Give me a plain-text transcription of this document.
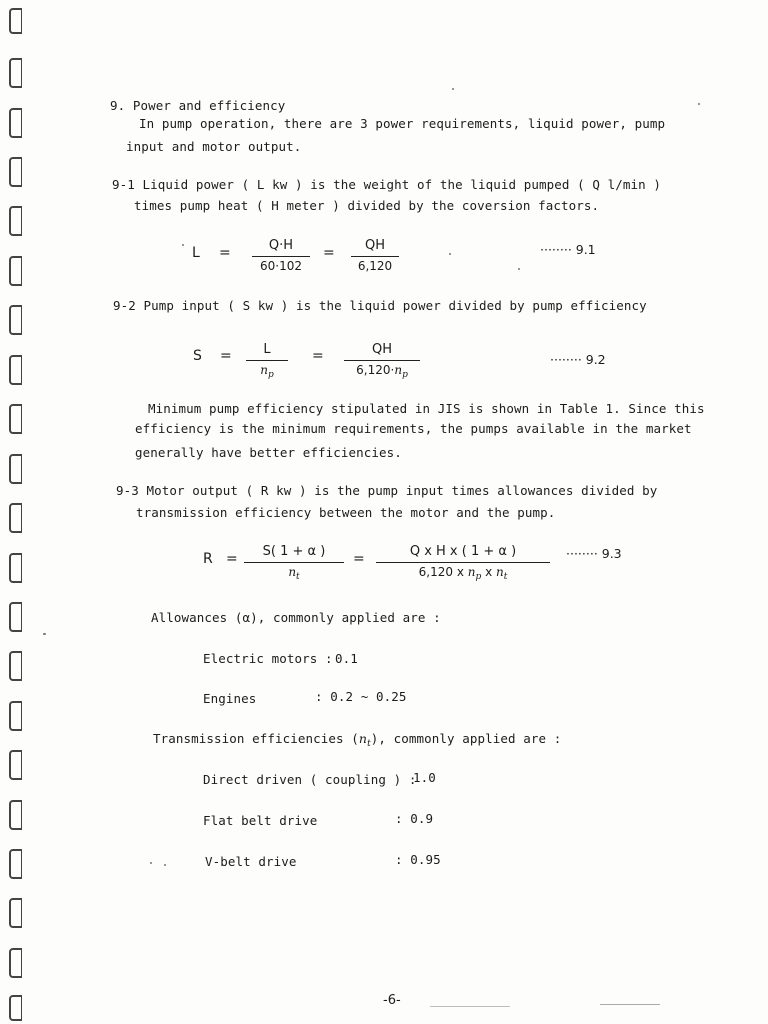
9. Power and efficiency
In pump operation, there are 3 power requirements, liquid power, pump
input and motor output.
9-1 Liquid power ( L kw ) is the weight of the liquid pumped ( Q l/min )
times pump heat ( H meter ) divided by the coversion factors.
L =	Q·H
60·102
=	QH
6,120
········ 9.1
9-2 Pump input ( S kw ) is the liquid power divided by pump efficiency
S =	L
$n_p$
=	QH
$6,120\cdot n_p$
········ 9.2
Minimum pump efficiency stipulated in JIS is shown in Table 1. Since this
efficiency is the minimum requirements, the pumps available in the market
generally have better efficiencies.
9-3 Motor output ( R kw ) is the pump input times allowances divided by
transmission efficiency between the motor and the pump.
R =	S( 1 + α )
$n_t$
=	Q x H x ( 1 + α )
6,120 x $n_p$ x $n_t$
········ 9.3
Allowances (α), commonly applied are :
Electric motors : 0.1
Engines	: 0.2 ~ 0.25
Transmission efficiencies $(n_t)$, commonly applied are :
Direct driven ( coupling ) :
1.0
Flat belt drive	: 0.9
V-belt drive	: 0.95
-6-
